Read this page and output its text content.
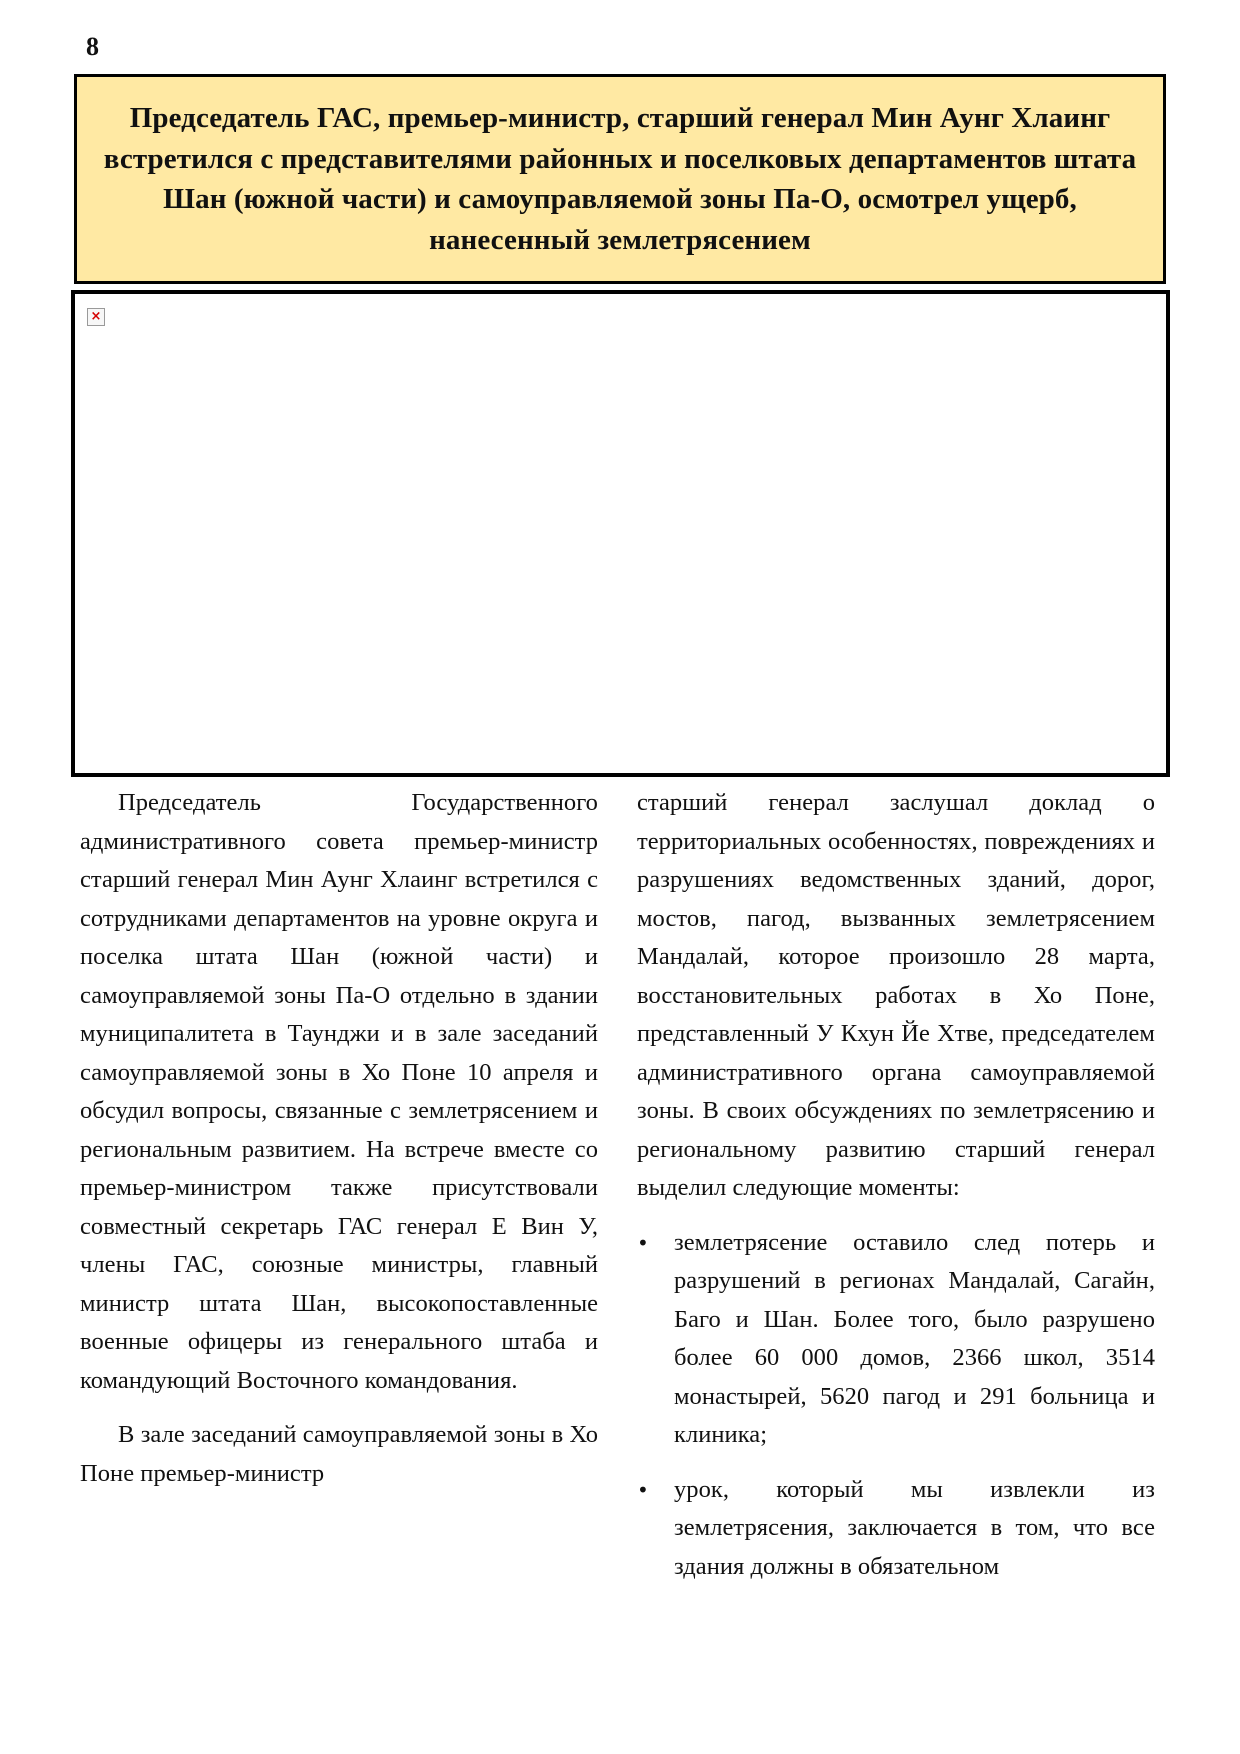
8
Председатель ГАС, премьер-министр, старший генерал Мин Аунг Хлаинг встретился с представителями районных и поселковых департаментов штата Шан (южной части) и самоуправляемой зоны Па-О, осмотрел ущерб, нанесенный землетрясением
×

Председатель Государственного административного совета премьер-министр старший генерал Мин Аунг Хлаинг встретился с сотрудниками департаментов на уровне округа и поселка штата Шан (южной части) и самоуправляемой зоны Па-О отдельно в здании муниципалитета в Таунджи и в зале заседаний самоуправляемой зоны в Хо Поне 10 апреля и обсудил вопросы, связанные с землетрясением и региональным развитием. На встрече вместе со премьер-министром также присутствовали совместный секретарь ГАС генерал Е Вин У, члены ГАС, союзные министры, главный министр штата Шан, высокопоставленные военные офицеры из генерального штаба и командующий Восточного командования.

В зале заседаний самоуправляемой зоны в Хо Поне премьер-министр

старший генерал заслушал доклад о территориальных особенностях, повреждениях и разрушениях ведомственных зданий, дорог, мостов, пагод, вызванных землетрясением Мандалай, которое произошло 28 марта, восстановительных работах в Хо Поне, представленный У Кхун Йе Хтве, председателем административного органа самоуправляемой зоны. В своих обсуждениях по землетрясению и региональному развитию старший генерал выделил следующие моменты:

• землетрясение оставило след потерь и разрушений в регионах Мандалай, Сагайн, Баго и Шан. Более того, было разрушено более 60 000 домов, 2366 школ, 3514 монастырей, 5620 пагод и 291 больница и клиника;
• урок, который мы извлекли из землетрясения, заключается в том, что все здания должны в обязательном
